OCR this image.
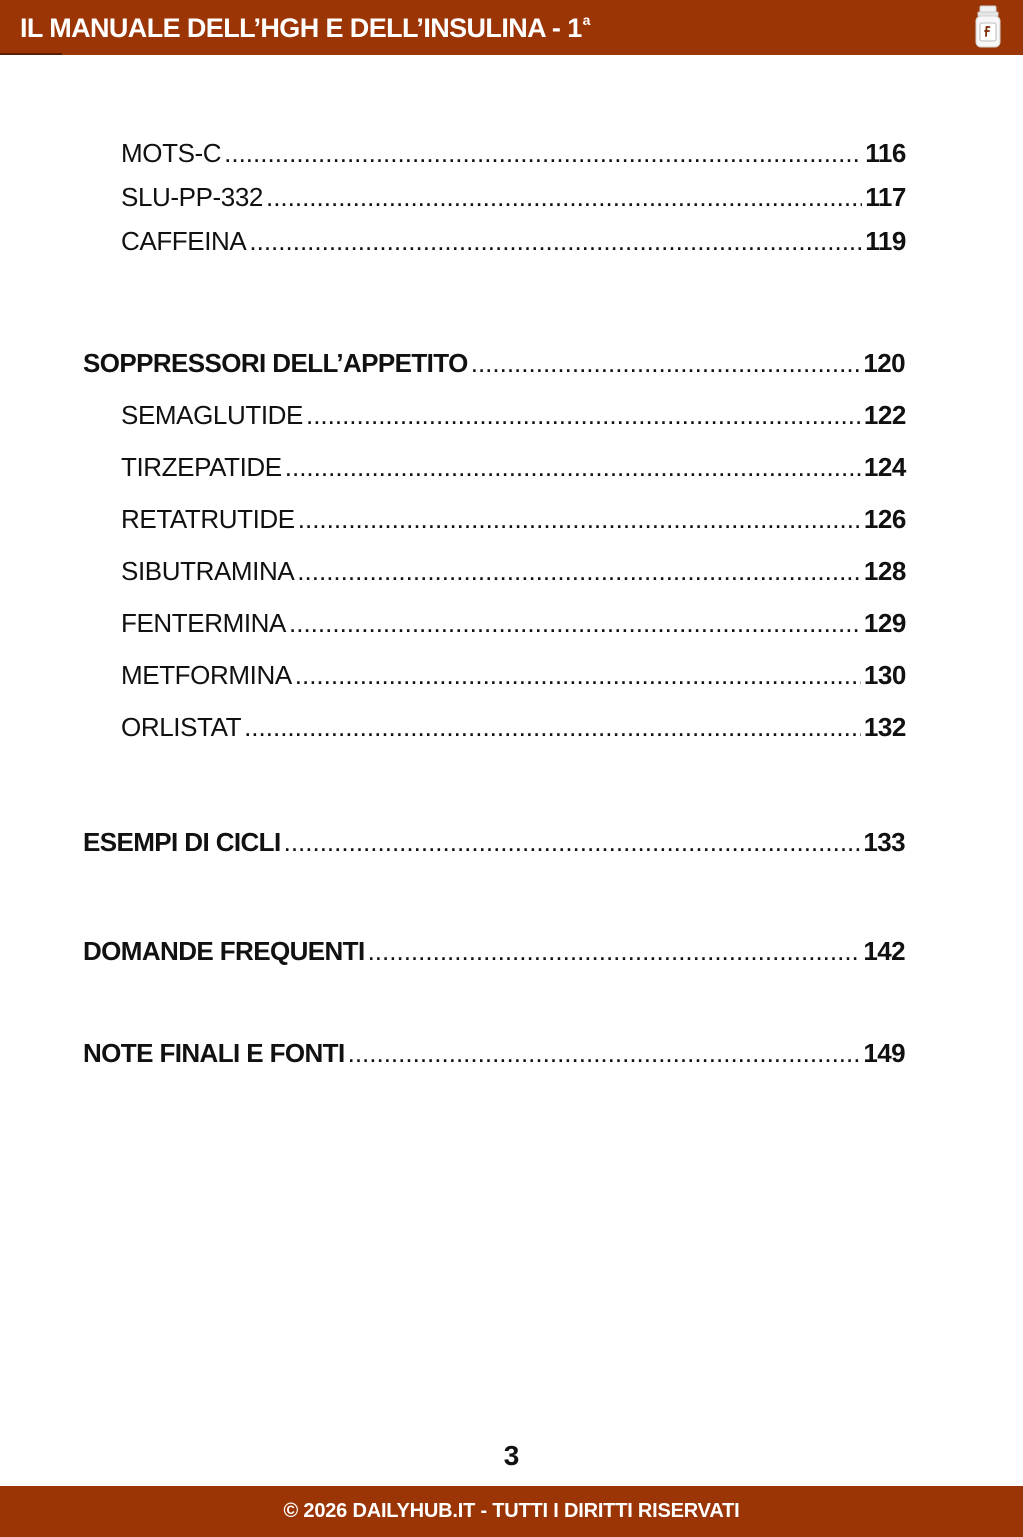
IL MANUALE DELL’HGH E DELL’INSULINA - 1$^a$
MOTS-C .....	116
SLU-PP-332 .....	117
CAFFEINA .....	119
SOPPRESSORI DELL’APPETITO .....	120
SEMAGLUTIDE .....	122
TIRZEPATIDE .....	124
RETATRUTIDE .....	126
SIBUTRAMINA .....	128
FENTERMINA .....	129
METFORMINA .....	130
ORLISTAT .....	132
ESEMPI DI CICLI .....	133
DOMANDE FREQUENTI .....	142
NOTE FINALI E FONTI .....	149
3
© 2026 DAILYHUB.IT - TUTTI I DIRITTI RISERVATI
